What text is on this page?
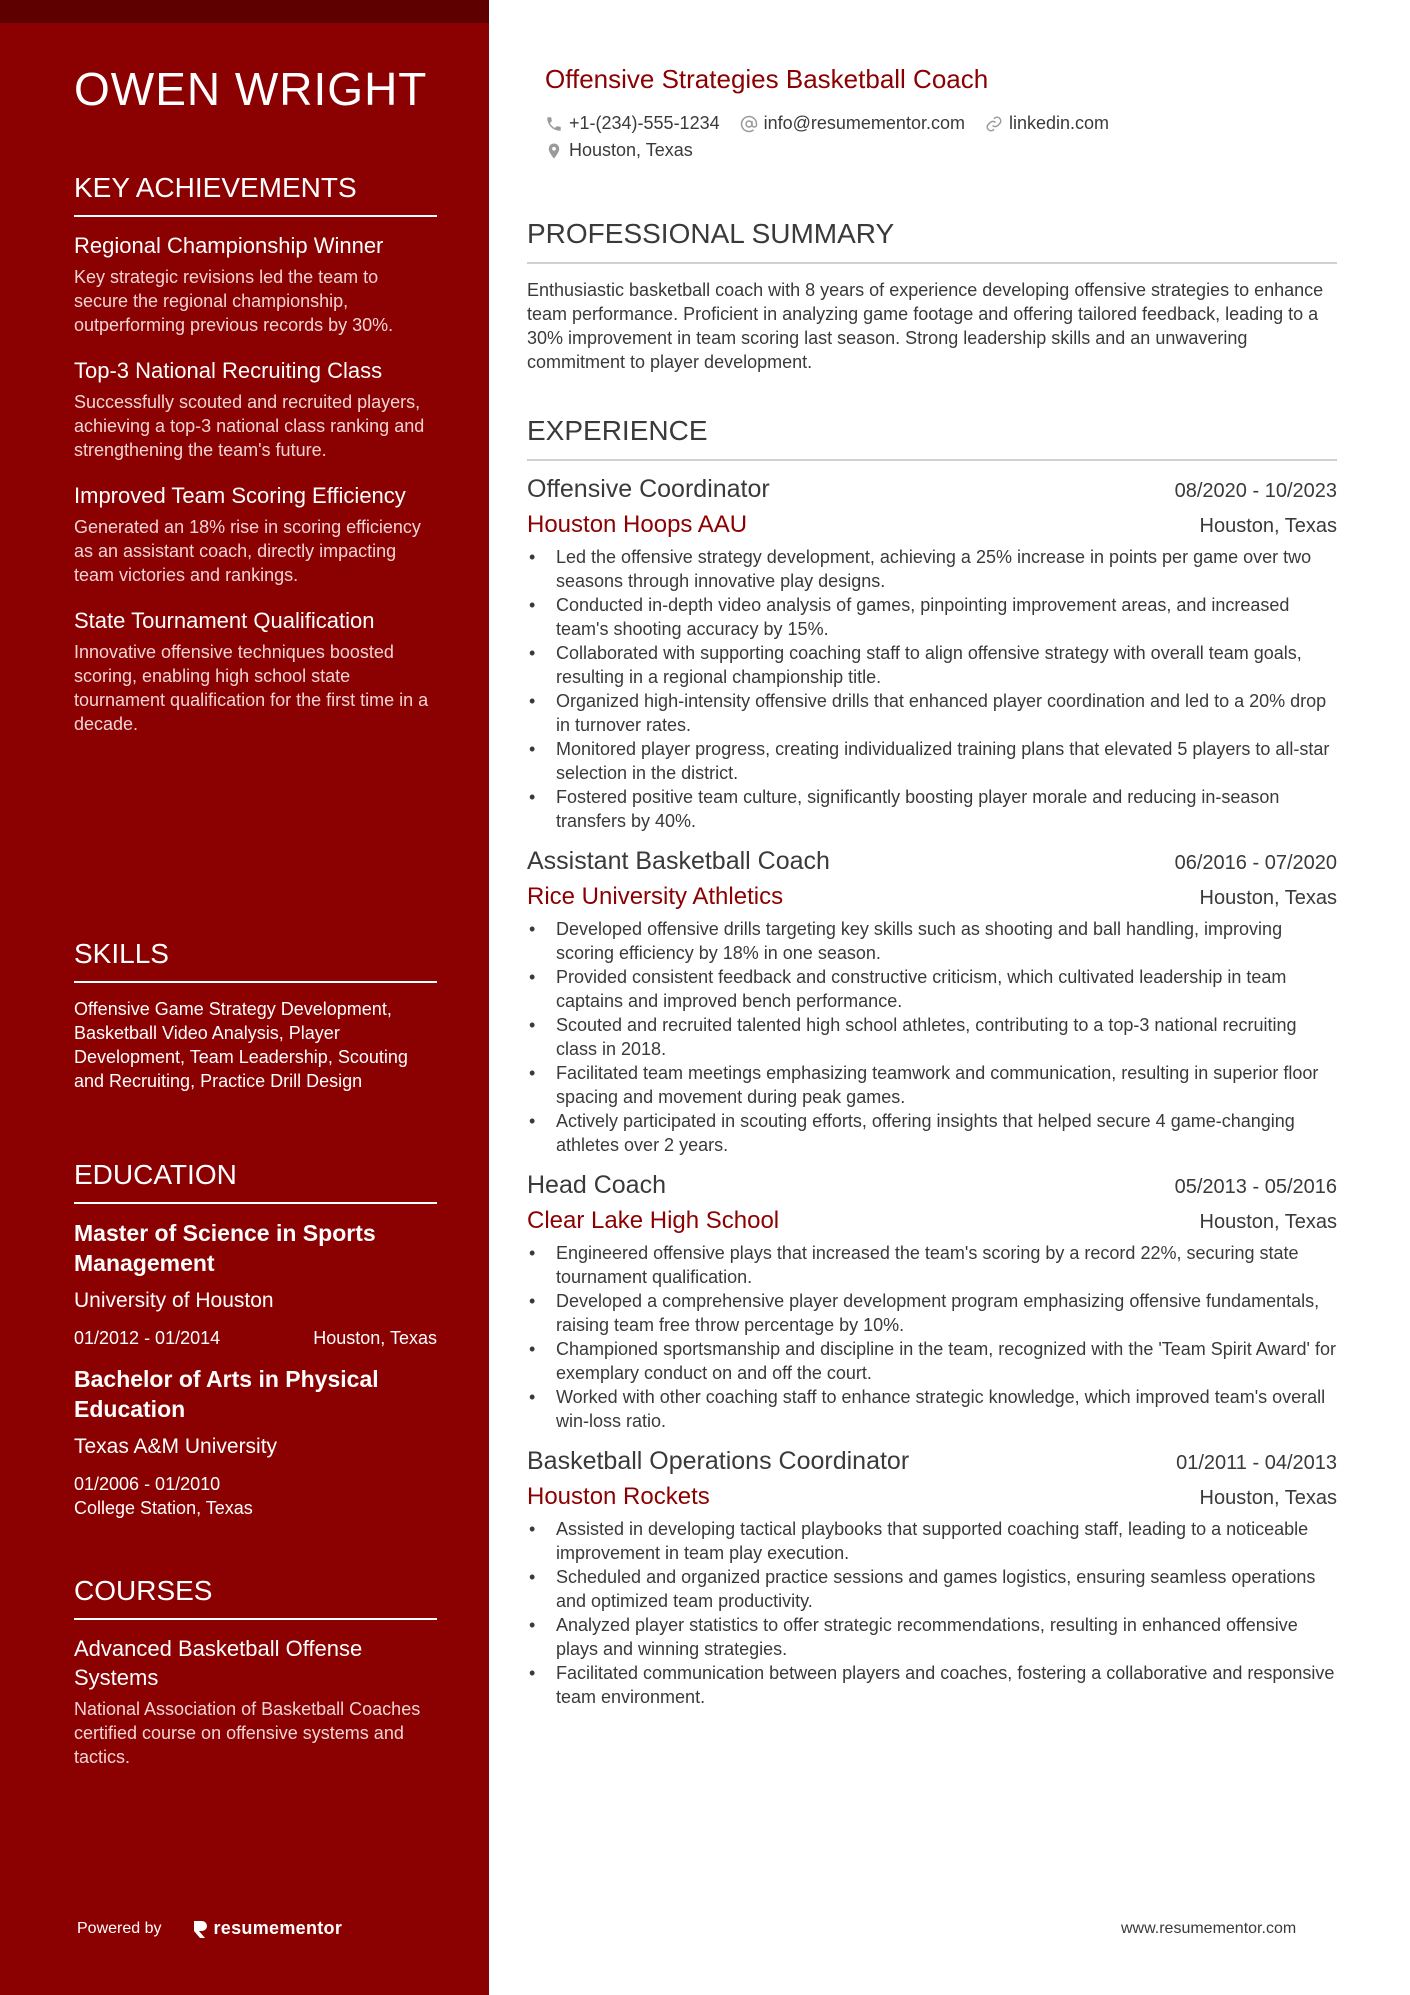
OWEN WRIGHT
KEY ACHIEVEMENTS
Regional Championship Winner
Key strategic revisions led the team to secure the regional championship, outperforming previous records by 30%.
Top-3 National Recruiting Class
Successfully scouted and recruited players, achieving a top-3 national class ranking and strengthening the team's future.
Improved Team Scoring Efficiency
Generated an 18% rise in scoring efficiency as an assistant coach, directly impacting team victories and rankings.
State Tournament Qualification
Innovative offensive techniques boosted scoring, enabling high school state tournament qualification for the first time in a decade.
SKILLS
Offensive Game Strategy Development, Basketball Video Analysis, Player Development, Team Leadership, Scouting and Recruiting, Practice Drill Design
EDUCATION
Master of Science in Sports Management
University of Houston
01/2012 - 01/2014	Houston, Texas
Bachelor of Arts in Physical Education
Texas A&M University
01/2006 - 01/2010
College Station, Texas
COURSES
Advanced Basketball Offense Systems
National Association of Basketball Coaches certified course on offensive systems and tactics.
Powered by	resumementor
Offensive Strategies Basketball Coach
+1-(234)-555-1234 info@resumementor.com linkedin.com
Houston, Texas
PROFESSIONAL SUMMARY
Enthusiastic basketball coach with 8 years of experience developing offensive strategies to enhance team performance. Proficient in analyzing game footage and offering tailored feedback, leading to a 30% improvement in team scoring last season. Strong leadership skills and an unwavering commitment to player development.
EXPERIENCE
Offensive Coordinator	08/2020 - 10/2023
Houston Hoops AAU	Houston, Texas
• Led the offensive strategy development, achieving a 25% increase in points per game over two seasons through innovative play designs.
• Conducted in-depth video analysis of games, pinpointing improvement areas, and increased team's shooting accuracy by 15%.
• Collaborated with supporting coaching staff to align offensive strategy with overall team goals, resulting in a regional championship title.
• Organized high-intensity offensive drills that enhanced player coordination and led to a 20% drop in turnover rates.
• Monitored player progress, creating individualized training plans that elevated 5 players to all-star selection in the district.
• Fostered positive team culture, significantly boosting player morale and reducing in-season transfers by 40%.
Assistant Basketball Coach	06/2016 - 07/2020
Rice University Athletics	Houston, Texas
• Developed offensive drills targeting key skills such as shooting and ball handling, improving scoring efficiency by 18% in one season.
• Provided consistent feedback and constructive criticism, which cultivated leadership in team captains and improved bench performance.
• Scouted and recruited talented high school athletes, contributing to a top-3 national recruiting class in 2018.
• Facilitated team meetings emphasizing teamwork and communication, resulting in superior floor spacing and movement during peak games.
• Actively participated in scouting efforts, offering insights that helped secure 4 game-changing athletes over 2 years.
Head Coach	05/2013 - 05/2016
Clear Lake High School	Houston, Texas
• Engineered offensive plays that increased the team's scoring by a record 22%, securing state tournament qualification.
• Developed a comprehensive player development program emphasizing offensive fundamentals, raising team free throw percentage by 10%.
• Championed sportsmanship and discipline in the team, recognized with the 'Team Spirit Award' for exemplary conduct on and off the court.
• Worked with other coaching staff to enhance strategic knowledge, which improved team's overall win-loss ratio.
Basketball Operations Coordinator	01/2011 - 04/2013
Houston Rockets	Houston, Texas
• Assisted in developing tactical playbooks that supported coaching staff, leading to a noticeable improvement in team play execution.
• Scheduled and organized practice sessions and games logistics, ensuring seamless operations and optimized team productivity.
• Analyzed player statistics to offer strategic recommendations, resulting in enhanced offensive plays and winning strategies.
• Facilitated communication between players and coaches, fostering a collaborative and responsive team environment.
www.resumementor.com
